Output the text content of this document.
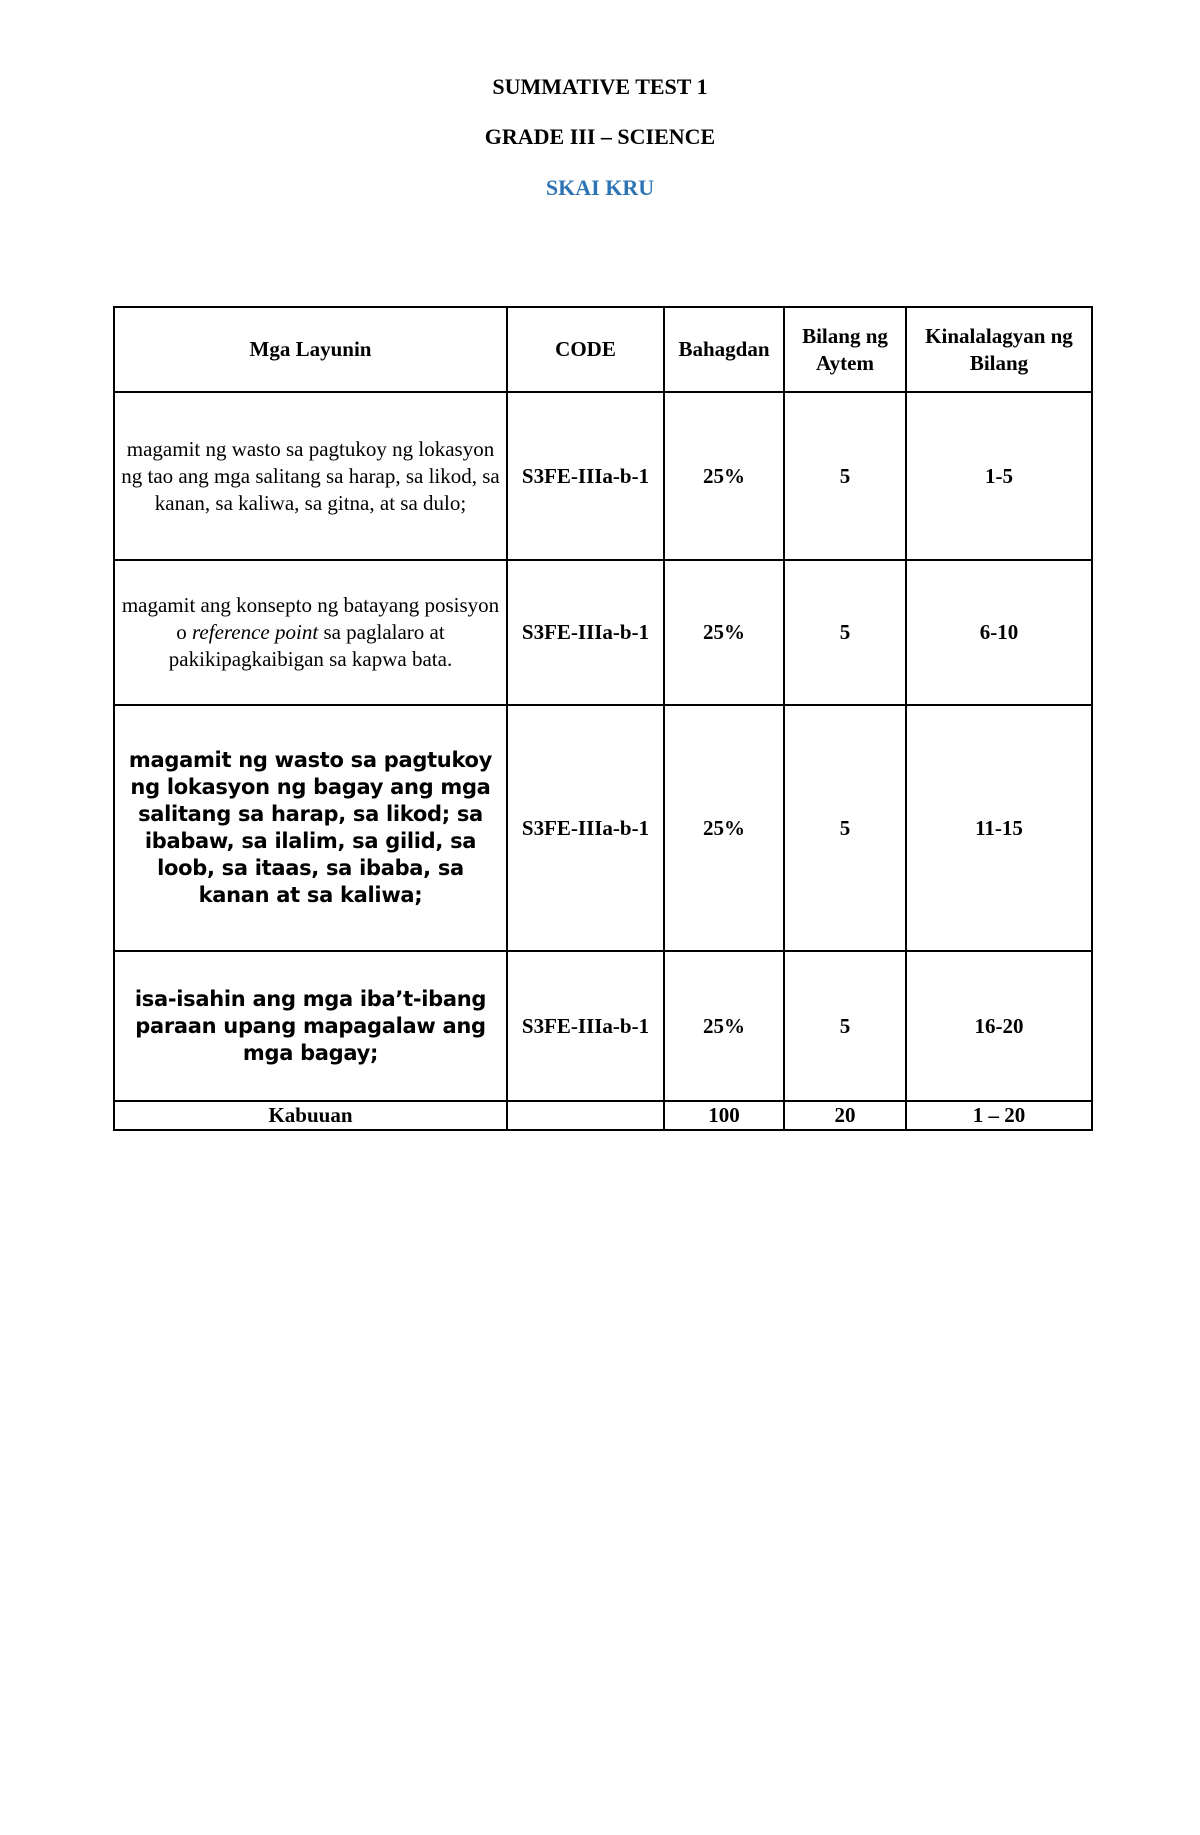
SUMMATIVE TEST 1
GRADE III – SCIENCE
SKAI KRU
Mga Layunin	CODE	Bahagdan	Bilang ng Aytem	Kinalalagyan ng Bilang
magamit ng wasto sa pagtukoy ng lokasyon ng tao ang mga salitang sa harap, sa likod, sa kanan, sa kaliwa, sa gitna, at sa dulo;	S3FE-IIIa-b-1	25%	5	1-5
magamit ang konsepto ng batayang posisyon o reference point sa paglalaro at pakikipagkaibigan sa kapwa bata.	S3FE-IIIa-b-1	25%	5	6-10
magamit ng wasto sa pagtukoy ng lokasyon ng bagay ang mga salitang sa harap, sa likod; sa ibabaw, sa ilalim, sa gilid, sa loob, sa itaas, sa ibaba, sa kanan at sa kaliwa;	S3FE-IIIa-b-1	25%	5	11-15
isa-isahin ang mga iba’t-ibang paraan upang mapagalaw ang mga bagay;	S3FE-IIIa-b-1	25%	5	16-20
Kabuuan		100	20	1 – 20
